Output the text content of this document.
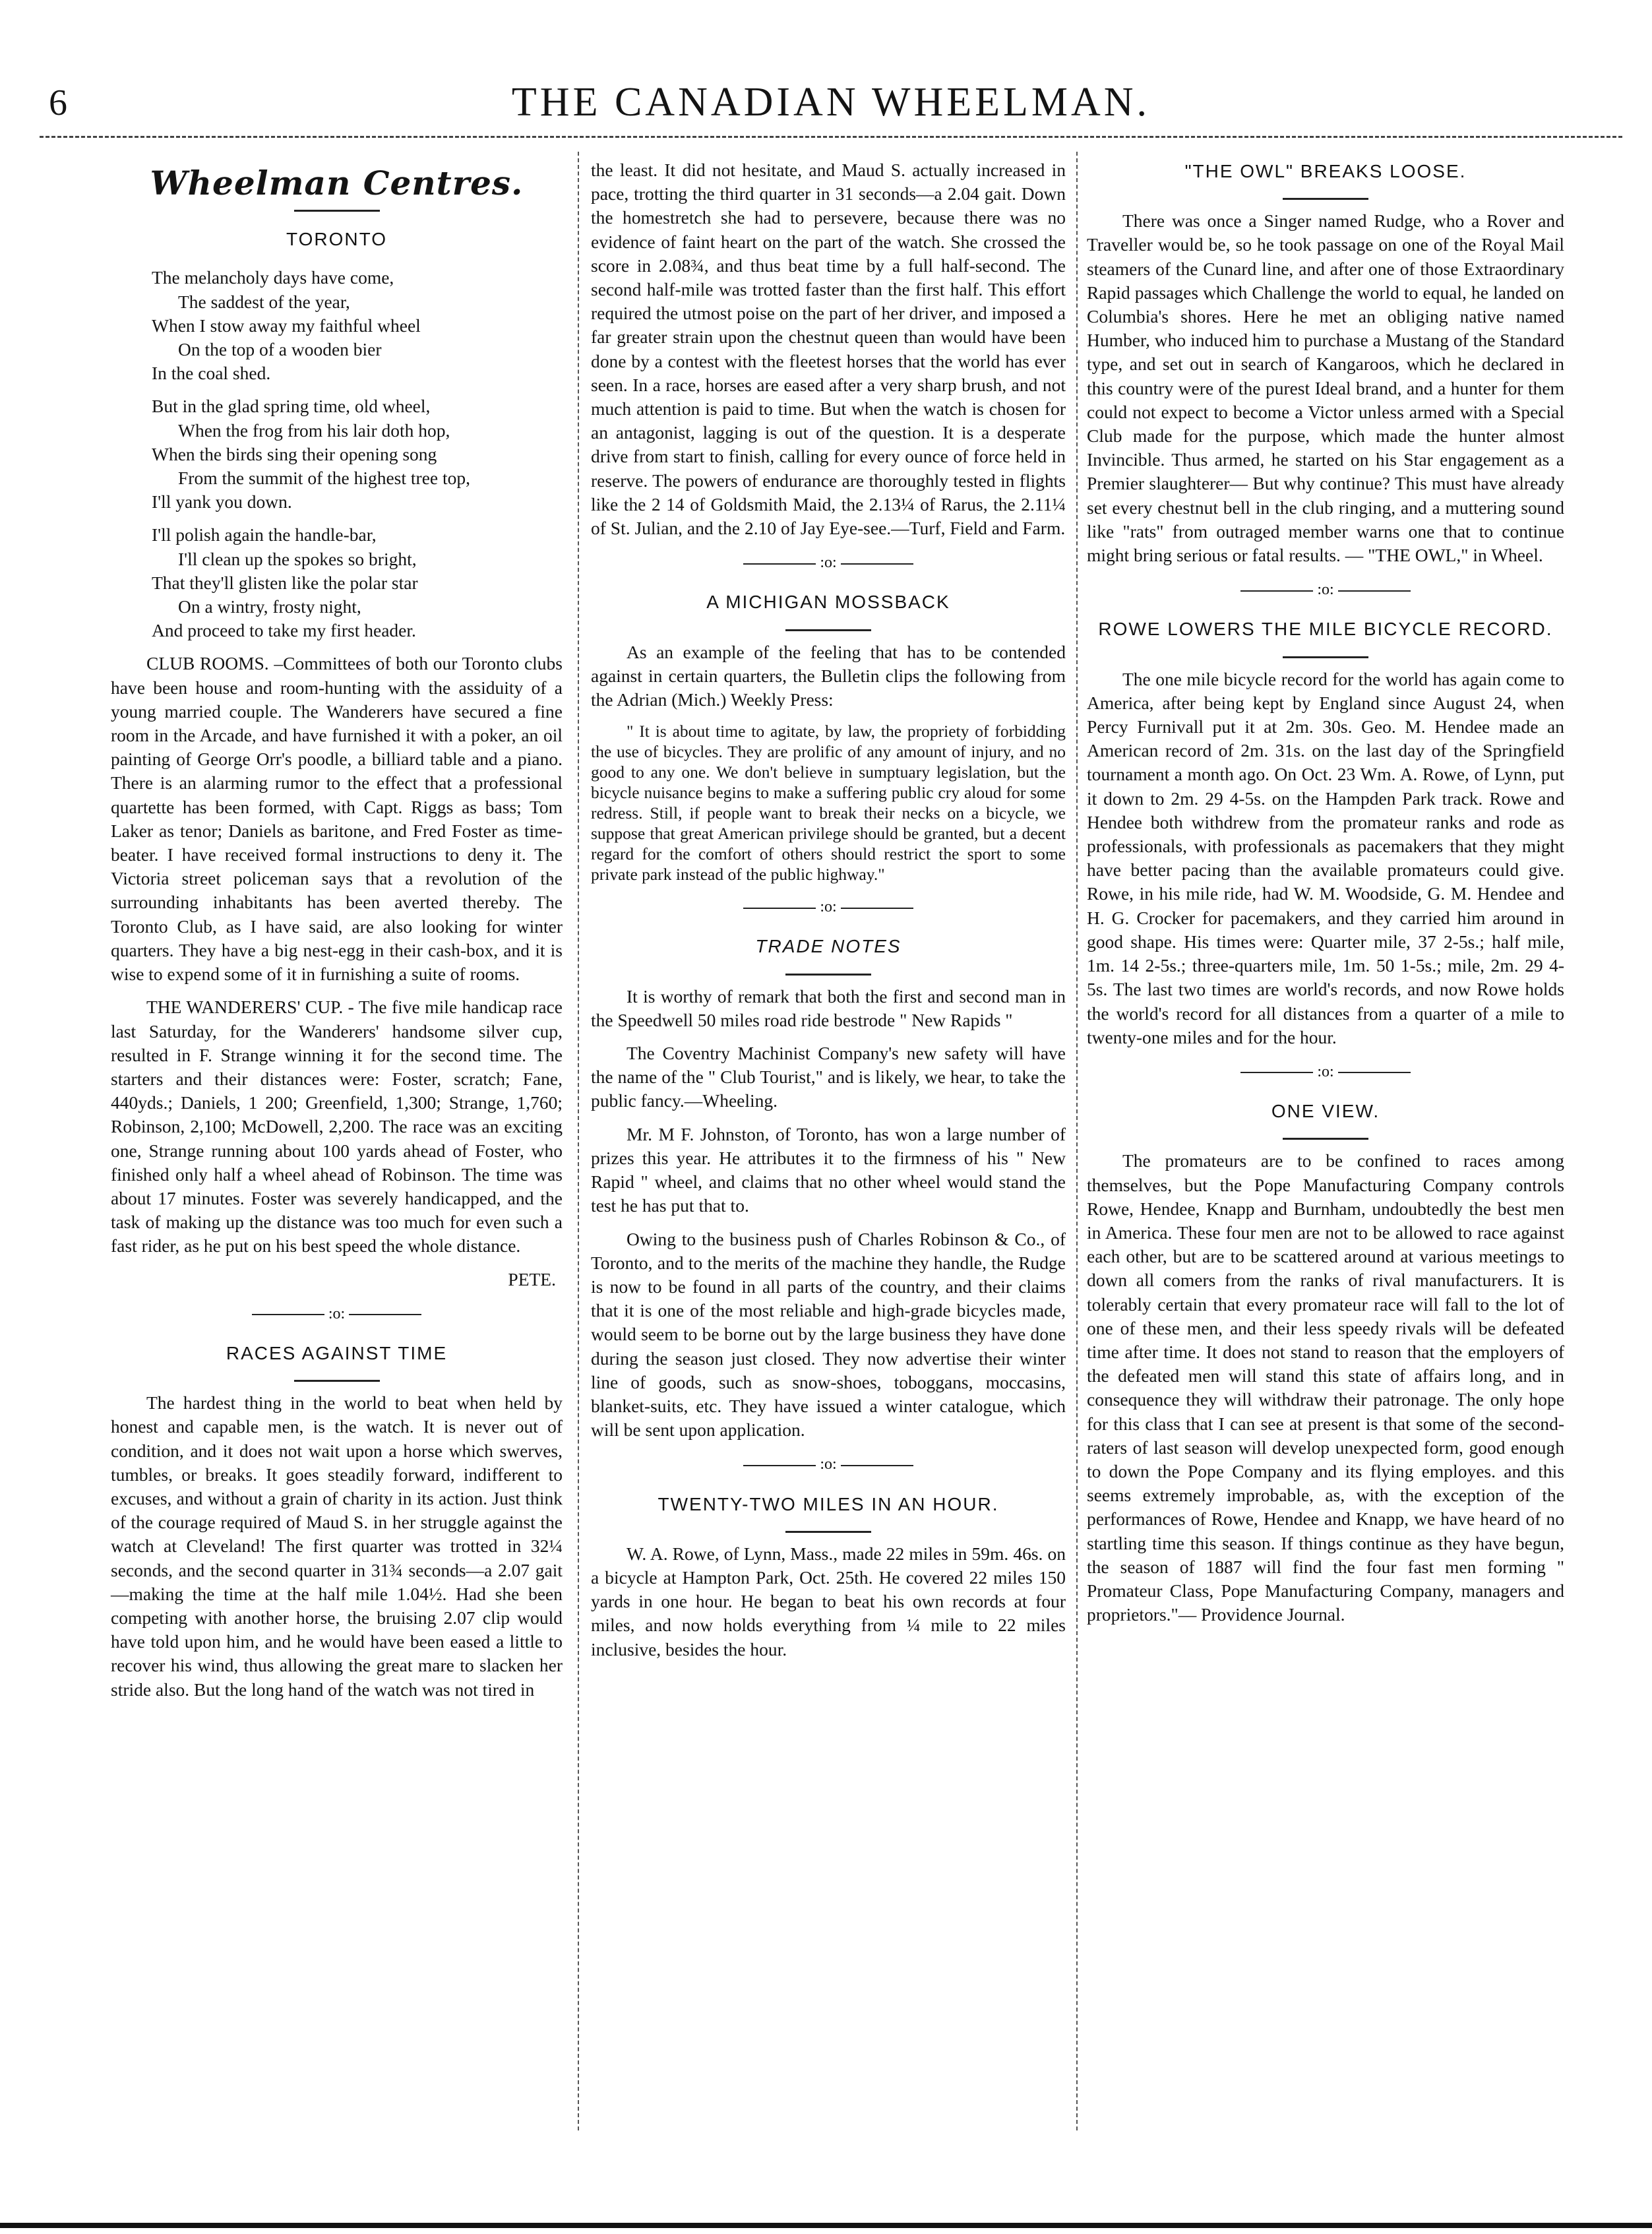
6	THE CANADIAN WHEELMAN.
Wheelman Centres.
TORONTO
The melancholy days have come,
The saddest of the year,
When I stow away my faithful wheel
On the top of a wooden bier
In the coal shed.
But in the glad spring time, old wheel,
When the frog from his lair doth hop,
When the birds sing their opening song
From the summit of the highest tree top,
I'll yank you down.
I'll polish again the handle-bar,
I'll clean up the spokes so bright,
That they'll glisten like the polar star
On a wintry, frosty night,
And proceed to take my first header.

CLUB ROOMS. –Committees of both our Toronto clubs have been house and room-hunting with the assiduity of a young married couple. The Wanderers have secured a fine room in the Arcade, and have furnished it with a poker, an oil painting of George Orr's poodle, a billiard table and a piano. There is an alarming rumor to the effect that a professional quartette has been formed, with Capt. Riggs as bass; Tom Laker as tenor; Daniels as baritone, and Fred Foster as time-beater. I have received formal instructions to deny it. The Victoria street policeman says that a revolution of the surrounding inhabitants has been averted thereby. The Toronto Club, as I have said, are also looking for winter quarters. They have a big nest-egg in their cash-box, and it is wise to expend some of it in furnishing a suite of rooms.

THE WANDERERS' CUP. - The five mile handicap race last Saturday, for the Wanderers' handsome silver cup, resulted in F. Strange winning it for the second time. The starters and their distances were: Foster, scratch; Fane, 440yds.; Daniels, 1 200; Greenfield, 1,300; Strange, 1,760; Robinson, 2,100; McDowell, 2,200. The race was an exciting one, Strange running about 100 yards ahead of Foster, who finished only half a wheel ahead of Robinson. The time was about 17 minutes. Foster was severely handicapped, and the task of making up the distance was too much for even such a fast rider, as he put on his best speed the whole distance.

PETE.
:o:
RACES AGAINST TIME

The hardest thing in the world to beat when held by honest and capable men, is the watch. It is never out of condition, and it does not wait upon a horse which swerves, tumbles, or breaks. It goes steadily forward, indifferent to excuses, and without a grain of charity in its action. Just think of the courage required of Maud S. in her struggle against the watch at Cleveland! The first quarter was trotted in 32¼ seconds, and the second quarter in 31¾ seconds—a 2.07 gait—making the time at the half mile 1.04½. Had she been competing with another horse, the bruising 2.07 clip would have told upon him, and he would have been eased a little to recover his wind, thus allowing the great mare to slacken her stride also. But the long hand of the watch was not tired in

the least. It did not hesitate, and Maud S. actually increased in pace, trotting the third quarter in 31 seconds—a 2.04 gait. Down the homestretch she had to persevere, because there was no evidence of faint heart on the part of the watch. She crossed the score in 2.08¾, and thus beat time by a full half-second. The second half-mile was trotted faster than the first half. This effort required the utmost poise on the part of her driver, and imposed a far greater strain upon the chestnut queen than would have been done by a contest with the fleetest horses that the world has ever seen. In a race, horses are eased after a very sharp brush, and not much attention is paid to time. But when the watch is chosen for an antagonist, lagging is out of the question. It is a desperate drive from start to finish, calling for every ounce of force held in reserve. The powers of endurance are thoroughly tested in flights like the 2 14 of Goldsmith Maid, the 2.13¼ of Rarus, the 2.11¼ of St. Julian, and the 2.10 of Jay Eye-see.—Turf, Field and Farm.

:o:
A MICHIGAN MOSSBACK

As an example of the feeling that has to be contended against in certain quarters, the Bulletin clips the following from the Adrian (Mich.) Weekly Press:

" It is about time to agitate, by law, the propriety of forbidding the use of bicycles. They are prolific of any amount of injury, and no good to any one. We don't believe in sumptuary legislation, but the bicycle nuisance begins to make a suffering public cry aloud for some redress. Still, if people want to break their necks on a bicycle, we suppose that great American privilege should be granted, but a decent regard for the comfort of others should restrict the sport to some private park instead of the public highway."

:o:
TRADE NOTES

It is worthy of remark that both the first and second man in the Speedwell 50 miles road ride bestrode " New Rapids "

The Coventry Machinist Company's new safety will have the name of the " Club Tourist," and is likely, we hear, to take the public fancy.—Wheeling.

Mr. M F. Johnston, of Toronto, has won a large number of prizes this year. He attributes it to the firmness of his " New Rapid " wheel, and claims that no other wheel would stand the test he has put that to.

Owing to the business push of Charles Robinson & Co., of Toronto, and to the merits of the machine they handle, the Rudge is now to be found in all parts of the country, and their claims that it is one of the most reliable and high-grade bicycles made, would seem to be borne out by the large business they have done during the season just closed. They now advertise their winter line of goods, such as snow-shoes, toboggans, moccasins, blanket-suits, etc. They have issued a winter catalogue, which will be sent upon application.

:o:
TWENTY-TWO MILES IN AN HOUR.

W. A. Rowe, of Lynn, Mass., made 22 miles in 59m. 46s. on a bicycle at Hampton Park, Oct. 25th. He covered 22 miles 150 yards in one hour. He began to beat his own records at four miles, and now holds everything from ¼ mile to 22 miles inclusive, besides the hour.

"THE OWL" BREAKS LOOSE.

There was once a Singer named Rudge, who a Rover and Traveller would be, so he took passage on one of the Royal Mail steamers of the Cunard line, and after one of those Extraordinary Rapid passages which Challenge the world to equal, he landed on Columbia's shores. Here he met an obliging native named Humber, who induced him to purchase a Mustang of the Standard type, and set out in search of Kangaroos, which he declared in this country were of the purest Ideal brand, and a hunter for them could not expect to become a Victor unless armed with a Special Club made for the purpose, which made the hunter almost Invincible. Thus armed, he started on his Star engagement as a Premier slaughterer— But why continue? This must have already set every chestnut bell in the club ringing, and a muttering sound like "rats" from outraged member warns one that to continue might bring serious or fatal results. — "THE OWL," in Wheel.

:o:
ROWE LOWERS THE MILE BICYCLE RECORD.

The one mile bicycle record for the world has again come to America, after being kept by England since August 24, when Percy Furnivall put it at 2m. 30s. Geo. M. Hendee made an American record of 2m. 31s. on the last day of the Springfield tournament a month ago. On Oct. 23 Wm. A. Rowe, of Lynn, put it down to 2m. 29 4-5s. on the Hampden Park track. Rowe and Hendee both withdrew from the promateur ranks and rode as professionals, with professionals as pacemakers that they might have better pacing than the available promateurs could give. Rowe, in his mile ride, had W. M. Woodside, G. M. Hendee and H. G. Crocker for pacemakers, and they carried him around in good shape. His times were: Quarter mile, 37 2-5s.; half mile, 1m. 14 2-5s.; three-quarters mile, 1m. 50 1-5s.; mile, 2m. 29 4-5s. The last two times are world's records, and now Rowe holds the world's record for all distances from a quarter of a mile to twenty-one miles and for the hour.

:o:
ONE VIEW.

The promateurs are to be confined to races among themselves, but the Pope Manufacturing Company controls Rowe, Hendee, Knapp and Burnham, undoubtedly the best men in America. These four men are not to be allowed to race against each other, but are to be scattered around at various meetings to down all comers from the ranks of rival manufacturers. It is tolerably certain that every promateur race will fall to the lot of one of these men, and their less speedy rivals will be defeated time after time. It does not stand to reason that the employers of the defeated men will stand this state of affairs long, and in consequence they will withdraw their patronage. The only hope for this class that I can see at present is that some of the second-raters of last season will develop unexpected form, good enough to down the Pope Company and its flying employes. and this seems extremely improbable, as, with the exception of the performances of Rowe, Hendee and Knapp, we have heard of no startling time this season. If things continue as they have begun, the season of 1887 will find the four fast men forming " Promateur Class, Pope Manufacturing Company, managers and proprietors."— Providence Journal.
